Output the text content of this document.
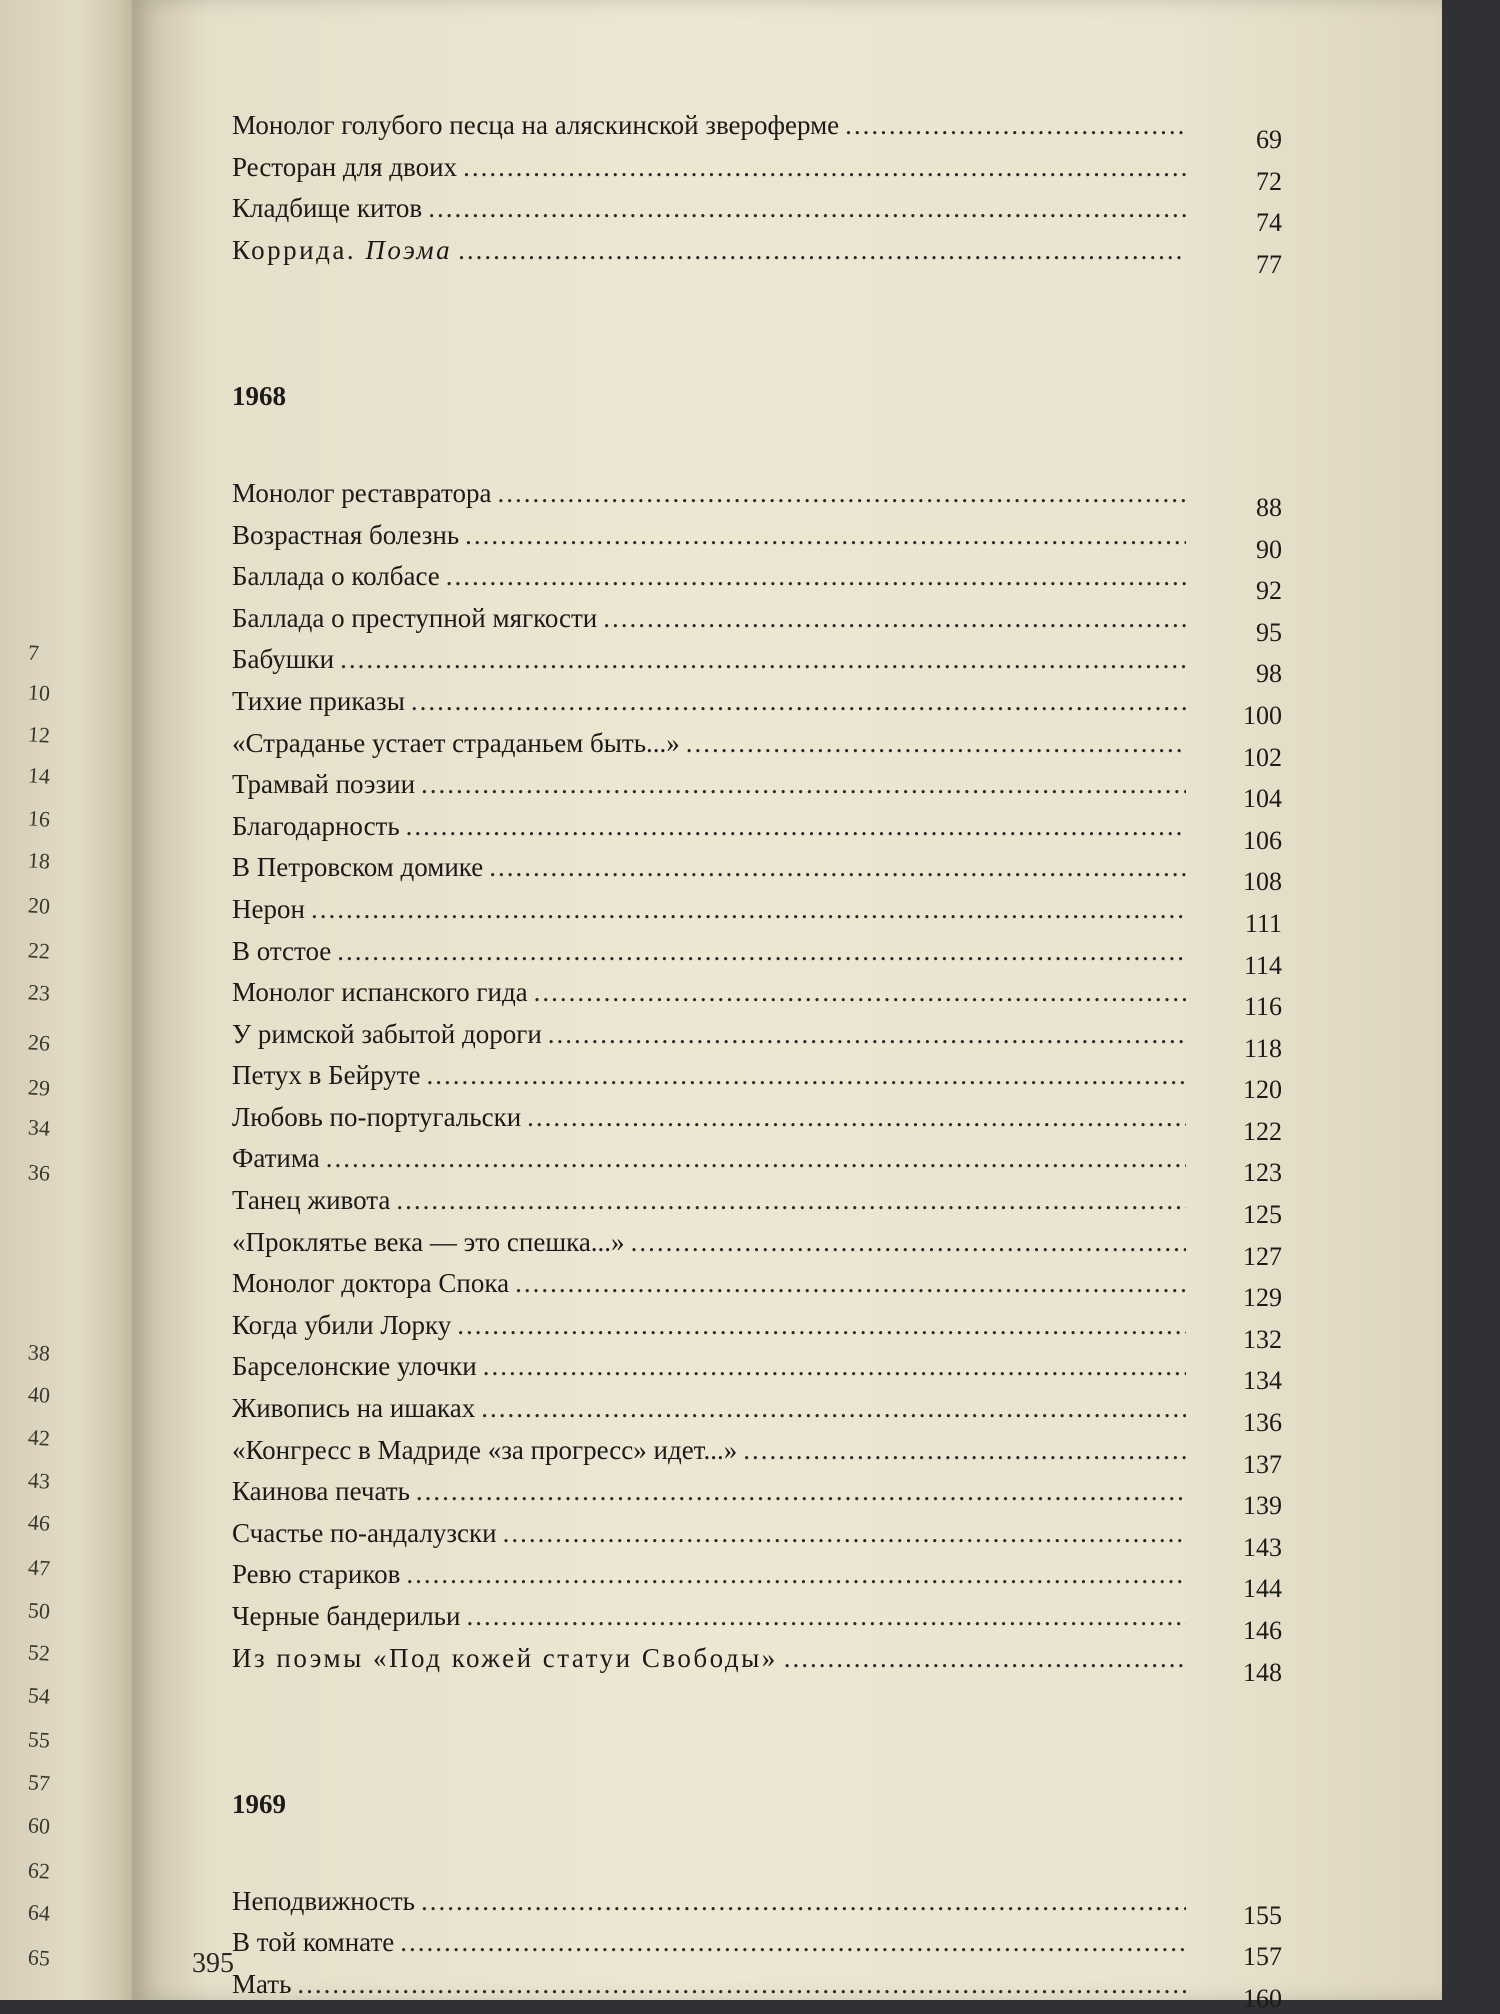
7
10
12
14
16
18
20
22
23
26
29
34
36
38
40
42
43
46
47
50
52
54
55
57
60
62
64
65
Монолог голубого песца на аляскинской звероферме .....	69
Ресторан для двоих .....	72
Кладбище китов .....	74
Коррида. Поэма .....	77
1968
Монолог реставратора .....	88
Возрастная болезнь .....	90
Баллада о колбасе .....	92
Баллада о преступной мягкости .....	95
Бабушки .....	98
Тихие приказы .....	100
«Страданье устает страданьем быть...» .....	102
Трамвай поэзии .....	104
Благодарность .....	106
В Петровском домике .....	108
Нерон .....	111
В отстое .....	114
Монолог испанского гида .....	116
У римской забытой дороги .....	118
Петух в Бейруте .....	120
Любовь по-португальски .....	122
Фатима .....	123
Танец живота .....	125
«Проклятье века — это спешка...» .....	127
Монолог доктора Спока .....	129
Когда убили Лорку .....	132
Барселонские улочки .....	134
Живопись на ишаках .....	136
«Конгресс в Мадриде «за прогресс» идет...» .....	137
Каинова печать .....	139
Счастье по-андалузски .....	143
Ревю стариков .....	144
Черные бандерильи .....	146
Из поэмы «Под кожей статуи Свободы» .....	148
1969
Неподвижность .....	155
В той комнате .....	157
Мать .....	160
395
